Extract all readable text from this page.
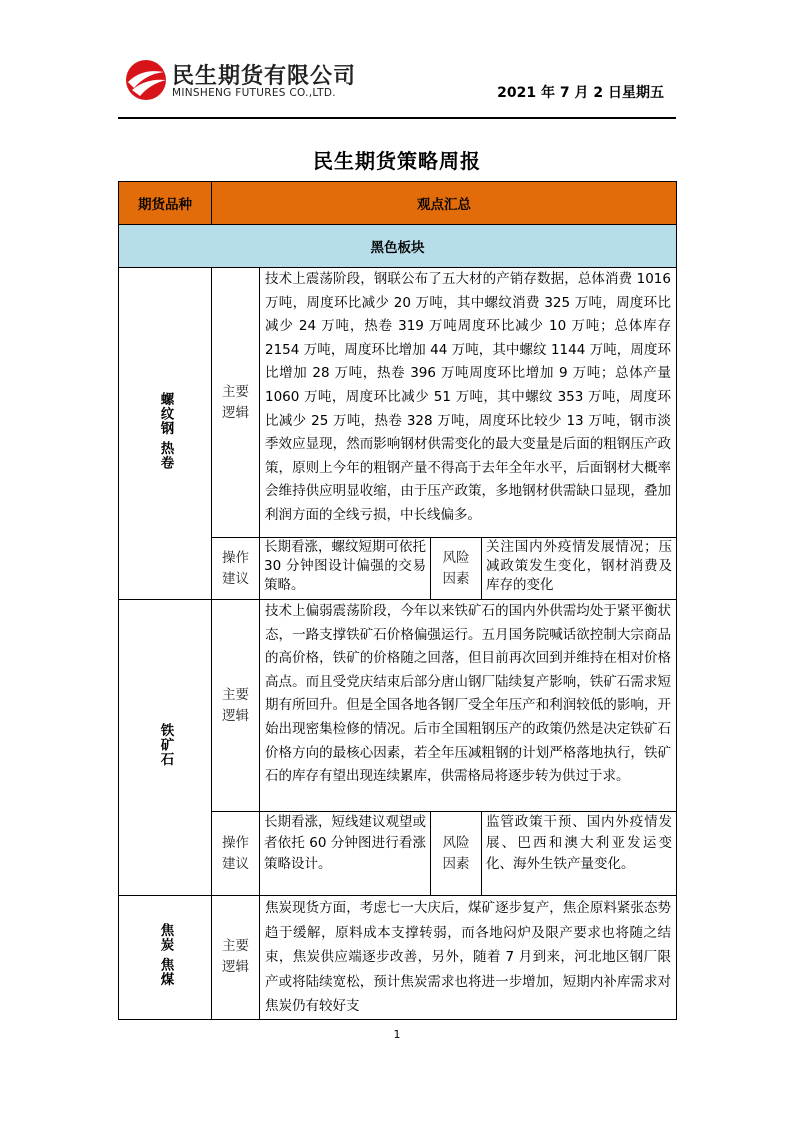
民生期货有限公司
MINSHENG FUTURES CO.,LTD.	2021 年 7 月 2 日星期五
民生期货策略周报
期货品种	观点汇总			
黑色板块				
螺纹钢 热卷	主要逻辑	技术上震荡阶段，钢联公布了五大材的产销存数据，总体消费 1016 万吨，周度环比减少 20 万吨，其中螺纹消费 325 万吨，周度环比减少 24 万吨，热卷 319 万吨周度环比减少 10 万吨；总体库存 2154 万吨，周度环比增加 44 万吨，其中螺纹 1144 万吨，周度环比增加 28 万吨，热卷 396 万吨周度环比增加 9 万吨；总体产量 1060 万吨，周度环比减少 51 万吨，其中螺纹 353 万吨，周度环比减少 25 万吨，热卷 328 万吨，周度环比较少 13 万吨，钢市淡季效应显现，然而影响钢材供需变化的最大变量是后面的粗钢压产政策，原则上今年的粗钢产量不得高于去年全年水平，后面钢材大概率会维持供应明显收缩，由于压产政策，多地钢材供需缺口显现，叠加利润方面的全线亏损，中长线偏多。		
	操作建议	长期看涨，螺纹短期可依托 30 分钟图设计偏强的交易策略。	风险因素	关注国内外疫情发展情况；压减政策发生变化，钢材消费及库存的变化
铁矿石	主要逻辑	技术上偏弱震荡阶段，今年以来铁矿石的国内外供需均处于紧平衡状态，一路支撑铁矿石价格偏强运行。五月国务院喊话欲控制大宗商品的高价格，铁矿的价格随之回落，但目前再次回到并维持在相对价格高点。而且受党庆结束后部分唐山钢厂陆续复产影响，铁矿石需求短期有所回升。但是全国各地各钢厂受全年压产和利润较低的影响，开始出现密集检修的情况。后市全国粗钢压产的政策仍然是决定铁矿石价格方向的最核心因素，若全年压减粗钢的计划严格落地执行，铁矿石的库存有望出现连续累库，供需格局将逐步转为供过于求。		
	操作建议	长期看涨，短线建议观望或者依托 60 分钟图进行看涨策略设计。	风险因素	监管政策干预、国内外疫情发展、巴西和澳大利亚发运变化、海外生铁产量变化。
焦炭 焦煤	主要逻辑	焦炭现货方面，考虑七一大庆后，煤矿逐步复产，焦企原料紧张态势趋于缓解，原料成本支撑转弱，而各地闷炉及限产要求也将随之结束，焦炭供应端逐步改善，另外，随着 7 月到来，河北地区钢厂限产或将陆续宽松，预计焦炭需求也将进一步增加，短期内补库需求对焦炭仍有较好支		
1
